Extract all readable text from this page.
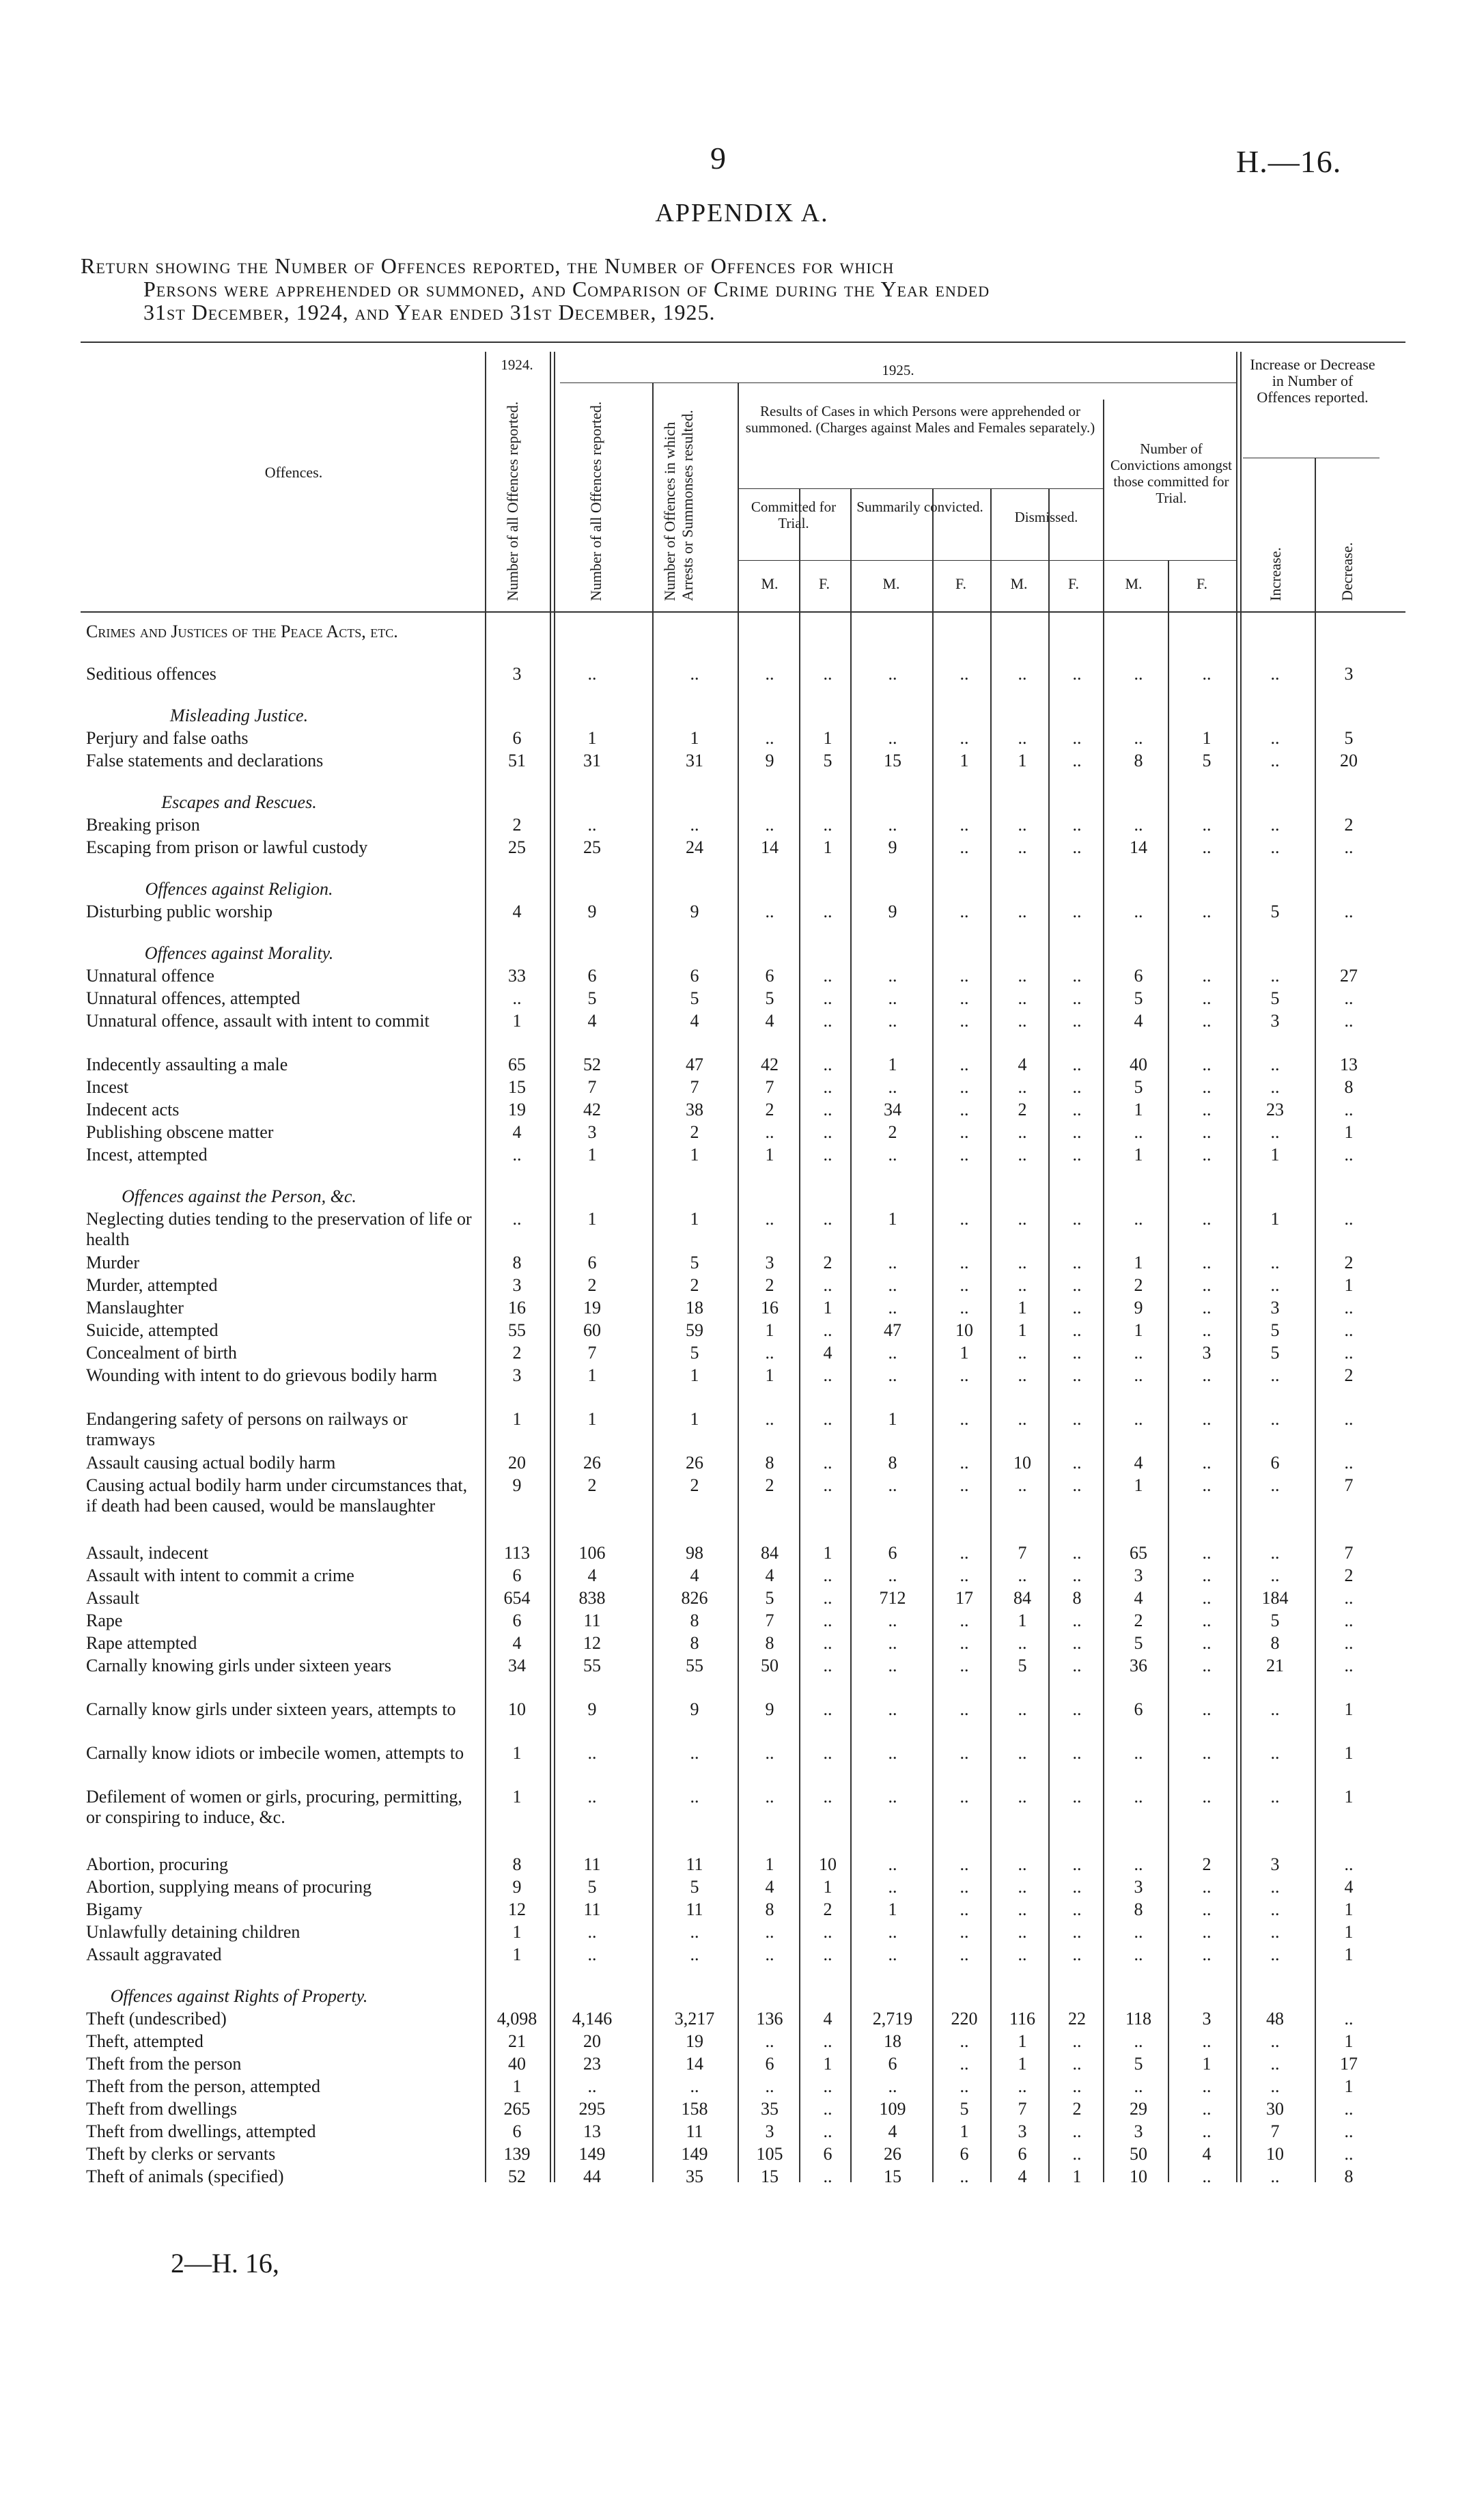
9	H.—16.
APPENDIX A.
Return showing the Number of Offences reported, the Number of Offences for which
Persons were apprehended or summoned, and Comparison of Crime during the Year ended
31st December, 1924, and Year ended 31st December, 1925.
Offences.
1924.	1925.	Increase or Decrease in Number of Offences reported.
Number of all Offences reported.	Number of all Offences reported.	Number of Offences in which Arrests or Summonses resulted.	Results of Cases in which Persons were apprehended or summoned. (Charges against Males and Females separately.)
Committed for Trial.
Summarily convicted.
Dismissed.
Number of Convictions amongst those committed for Trial.
Increase.	Decrease.
M.	F.	M.	F.	M.	F.	M.	F.
Crimes and Justices of the Peace Acts, etc.
Seditious offences	3	..	..	..	..	..	..	..	..	..	..	..	3
Misleading Justice.
Perjury and false oaths	6	1	1	..	1	..	..	..	..	..	1	..	5
False statements and declarations	51	31	31	9	5	15	1	1	..	8	5	..	20
Escapes and Rescues.
Breaking prison	2	..	..	..	..	..	..	..	..	..	..	..	2
Escaping from prison or lawful custody	25	25	24	14	1	9	..	..	..	14	..	..	..
Offences against Religion.
Disturbing public worship	4	9	9	..	..	9	..	..	..	..	..	5	..
Offences against Morality.
Unnatural offence	33	6	6	6	..	..	..	..	..	6	..	..	27
Unnatural offences, attempted	..	5	5	5	..	..	..	..	..	5	..	5	..
Unnatural offence, assault with intent to commit	1	4	4	4	..	..	..	..	..	4	..	3	..
Indecently assaulting a male	65	52	47	42	..	1	..	4	..	40	..	..	13
Incest	15	7	7	7	..	..	..	..	..	5	..	..	8
Indecent acts	19	42	38	2	..	34	..	2	..	1	..	23	..
Publishing obscene matter	4	3	2	..	..	2	..	..	..	..	..	..	1
Incest, attempted	..	1	1	1	..	..	..	..	..	1	..	1	..
Offences against the Person, &c.
Neglecting duties tending to the preservation of life or health
..	1	1	..	..	1	..	..	..	..	..	1	..
Murder	8	6	5	3	2	..	..	..	..	1	..	..	2
Murder, attempted	3	2	2	2	..	..	..	..	..	2	..	..	1
Manslaughter	16	19	18	16	1	..	..	1	..	9	..	3	..
Suicide, attempted	55	60	59	1	..	47	10	1	..	1	..	5	..
Concealment of birth	2	7	5	..	4	..	1	..	..	..	3	5	..
Wounding with intent to do grievous bodily harm	3	1	1	1	..	..	..	..	..	..	..	..	2
Endangering safety of persons on railways or tramways
1	1	1	..	..	1	..	..	..	..	..	..	..
Assault causing actual bodily harm	20	26	26	8	..	8	..	10	..	4	..	6	..
Causing actual bodily harm under circumstances that, if death had been caused, would be manslaughter
9	2	2	2	..	..	..	..	..	1	..	..	7
Assault, indecent	113	106	98	84	1	6	..	7	..	65	..	..	7
Assault with intent to commit a crime	6	4	4	4	..	..	..	..	..	3	..	..	2
Assault	654	838	826	5	..	712	17	84	8	4	..	184	..
Rape	6	11	8	7	..	..	..	1	..	2	..	5	..
Rape attempted	4	12	8	8	..	..	..	..	..	5	..	8	..
Carnally knowing girls under sixteen years	34	55	55	50	..	..	..	5	..	36	..	21	..
Carnally know girls under sixteen years, attempts to	10	9	9	9	..	..	..	..	..	6	..	..	1
Carnally know idiots or imbecile women, attempts to	1	..	..	..	..	..	..	..	..	..	..	..	1
Defilement of women or girls, procuring, permitting, or conspiring to induce, &c.
1	..	..	..	..	..	..	..	..	..	..	..	1
Abortion, procuring	8	11	11	1	10	..	..	..	..	..	2	3	..
Abortion, supplying means of procuring	9	5	5	4	1	..	..	..	..	3	..	..	4
Bigamy	12	11	11	8	2	1	..	..	..	8	..	..	1
Unlawfully detaining children	1	..	..	..	..	..	..	..	..	..	..	..	1
Assault aggravated	1	..	..	..	..	..	..	..	..	..	..	..	1
Offences against Rights of Property.
Theft (undescribed)	4,098	4,146	3,217	136	4	2,719	220	116	22	118	3	48	..
Theft, attempted	21	20	19	..	..	18	..	1	..	..	..	..	1
Theft from the person	40	23	14	6	1	6	..	1	..	5	1	..	17
Theft from the person, attempted	1	..	..	..	..	..	..	..	..	..	..	..	1
Theft from dwellings	265	295	158	35	..	109	5	7	2	29	..	30	..
Theft from dwellings, attempted	6	13	11	3	..	4	1	3	..	3	..	7	..
Theft by clerks or servants	139	149	149	105	6	26	6	6	..	50	4	10	..
Theft of animals (specified)	52	44	35	15	..	15	..	4	1	10	..	..	8
2—H. 16,
